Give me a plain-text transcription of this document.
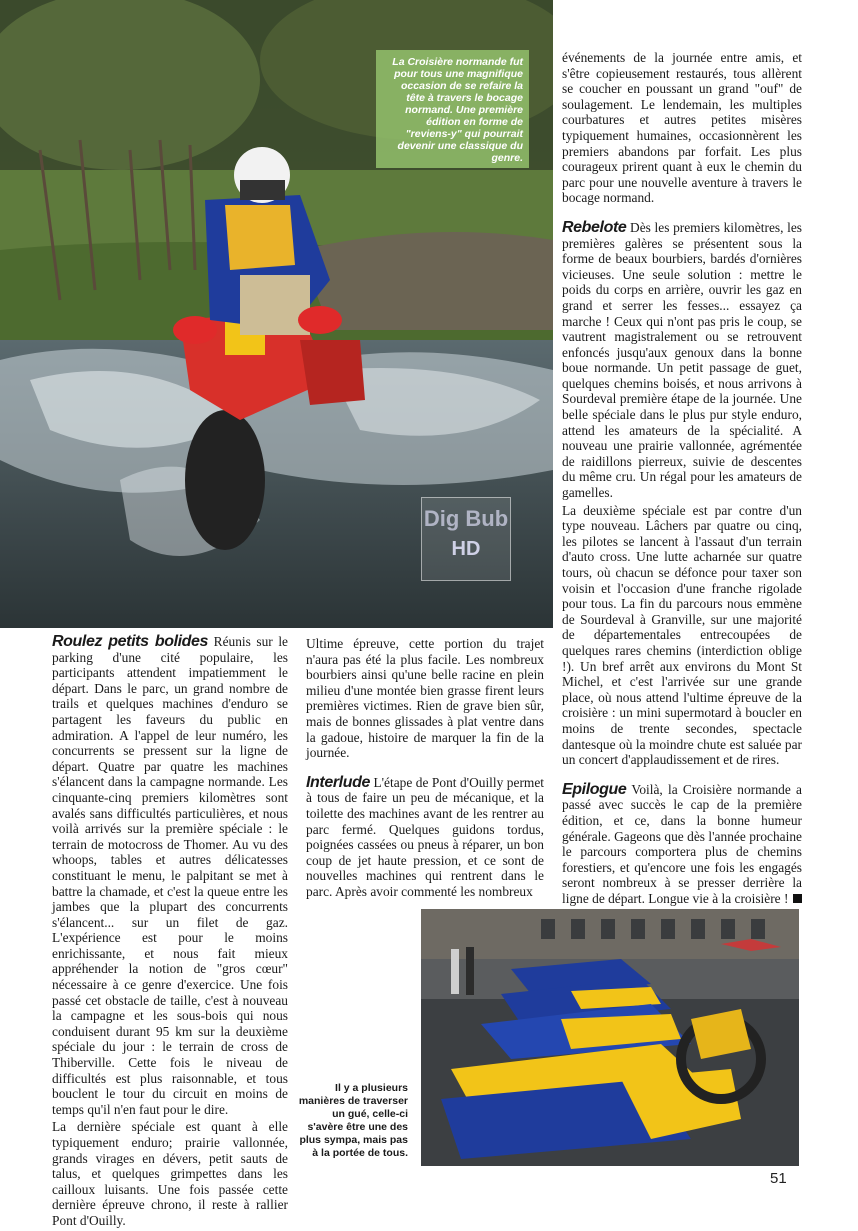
La Croisière normande fut pour tous une magnifique occasion de se refaire la tête à travers le bocage normand. Une première édition en forme de "reviens-y" qui pourrait devenir une classique du genre.
Dig Bub
HD

Roulez petits bolides Réunis sur le parking d'une cité populaire, les participants attendent impatiemment le départ. Dans le parc, un grand nombre de trails et quelques machines d'enduro se partagent les faveurs du public en admiration. A l'appel de leur numéro, les concurrents se pressent sur la ligne de départ. Quatre par quatre les machines s'élancent dans la campagne normande. Les cinquante-cinq premiers kilomètres sont avalés sans difficultés particulières, et nous voilà arrivés sur la première spéciale : le terrain de motocross de Thomer. Au vu des whoops, tables et autres délicatesses constituant le menu, le palpitant se met à battre la chamade, et c'est la queue entre les jambes que la plupart des concurrents s'élancent... sur un filet de gaz. L'expérience est pour le moins enrichissante, et nous fait mieux appréhender la notion de "gros cœur" nécessaire à ce genre d'exercice. Une fois passé cet obstacle de taille, c'est à nouveau la campagne et les sous-bois qui nous conduisent durant 95 km sur la deuxième spéciale du jour : le terrain de cross de Thiberville. Cette fois le niveau de difficultés est plus raisonnable, et tous bouclent le tour du circuit en moins de temps qu'il n'en faut pour le dire.

La dernière spéciale est quant à elle typiquement enduro; prairie vallonnée, grands virages en dévers, petit sauts de talus, et quelques grimpettes dans les cailloux luisants. Une fois passée cette dernière épreuve chrono, il reste à rallier Pont d'Ouilly.

Ultime épreuve, cette portion du trajet n'aura pas été la plus facile. Les nombreux bourbiers ainsi qu'une belle racine en plein milieu d'une montée bien grasse firent leurs premières victimes. Rien de grave bien sûr, mais de bonnes glissades à plat ventre dans la gadoue, histoire de marquer la fin de la journée.

Interlude L'étape de Pont d'Ouilly permet à tous de faire un peu de mécanique, et la toilette des machines avant de les rentrer au parc fermé. Quelques guidons tordus, poignées cassées ou pneus à réparer, un bon coup de jet haute pression, et ce sont de nouvelles machines qui rentrent dans le parc. Après avoir commenté les nombreux

événements de la journée entre amis, et s'être copieusement restaurés, tous allèrent se coucher en poussant un grand "ouf" de soulagement. Le lendemain, les multiples courbatures et autres petites misères typiquement humaines, occasionnèrent les premiers abandons par forfait. Les plus courageux prirent quant à eux le chemin du parc pour une nouvelle aventure à travers le bocage normand.

Rebelote Dès les premiers kilomètres, les premières galères se présentent sous la forme de beaux bourbiers, bardés d'ornières vicieuses. Une seule solution : mettre le poids du corps en arrière, ouvrir les gaz en grand et serrer les fesses... essayez ça marche ! Ceux qui n'ont pas pris le coup, se vautrent magistralement ou se retrouvent enfoncés jusqu'aux genoux dans la bonne boue normande. Un petit passage de guet, quelques chemins boisés, et nous arrivons à Sourdeval première étape de la journée. Une belle spéciale dans le plus pur style enduro, attend les amateurs de la spécialité. A nouveau une prairie vallonnée, agrémentée de raidillons pierreux, suivie de descentes du même cru. Un régal pour les amateurs de gamelles.

La deuxième spéciale est par contre d'un type nouveau. Lâchers par quatre ou cinq, les pilotes se lancent à l'assaut d'un terrain d'auto cross. Une lutte acharnée sur quatre tours, où chacun se défonce pour taxer son voisin et l'occasion d'une franche rigolade pour tous. La fin du parcours nous emmène de Sourdeval à Granville, sur une majorité de départementales entrecoupées de quelques rares chemins (interdiction oblige !). Un bref arrêt aux environs du Mont St Michel, et c'est l'arrivée sur une grande place, où nous attend l'ultime épreuve de la croisière : un mini supermotard à boucler en moins de trente secondes, spectacle dantesque où la moindre chute est saluée par un concert d'applaudissement et de rires.

Epilogue Voilà, la Croisière normande a passé avec succès le cap de la première édition, et ce, dans la bonne humeur générale. Gageons que dès l'année prochaine le parcours comportera plus de chemins forestiers, et qu'encore une fois les engagés seront nombreux à se presser derrière la ligne de départ. Longue vie à la croisière !

Il y a plusieurs manières de traverser un gué, celle-ci s'avère être une des plus sympa, mais pas à la portée de tous.
51
